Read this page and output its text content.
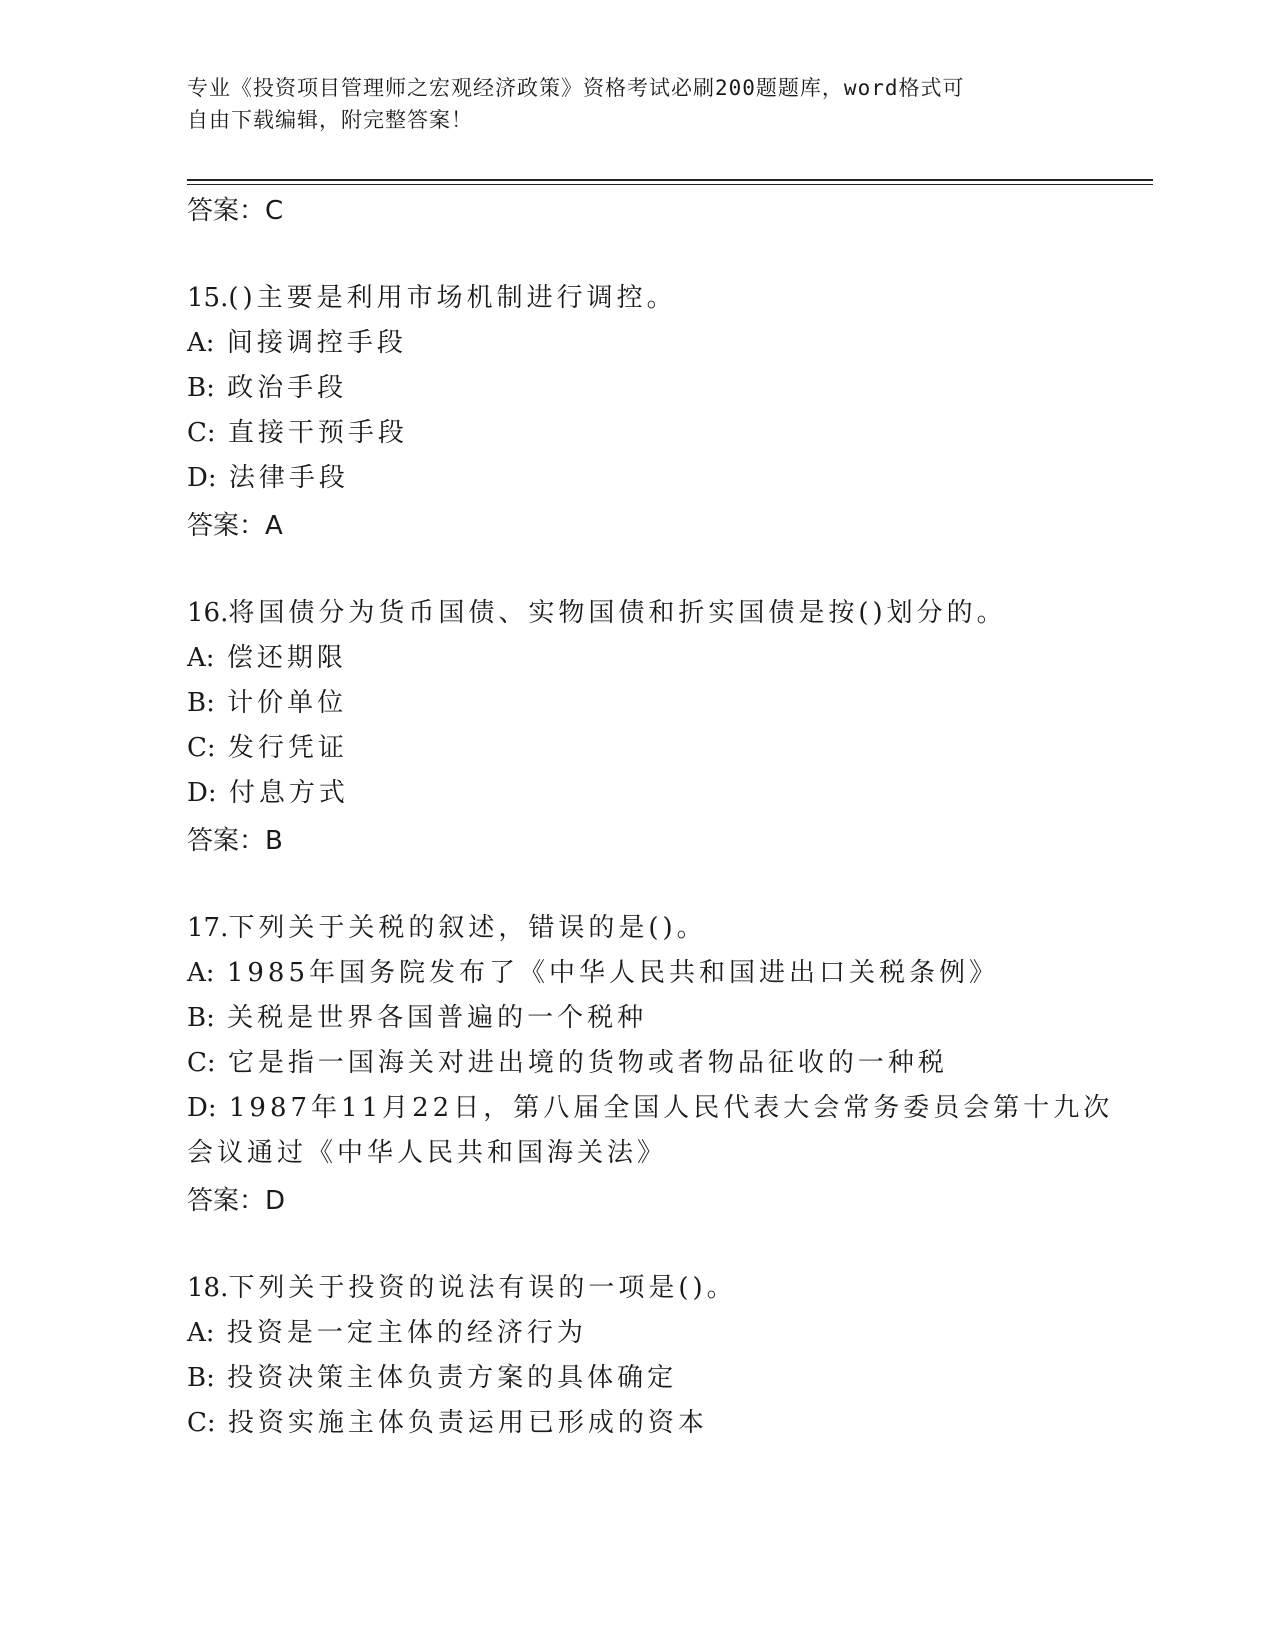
专业《投资项目管理师之宏观经济政策》资格考试必刷200题题库，word格式可
自由下载编辑，附完整答案！
答案：C
15.()主要是利用市场机制进行调控。
A: 间接调控手段
B: 政治手段
C: 直接干预手段
D: 法律手段
答案：A
16.将国债分为货币国债、实物国债和折实国债是按()划分的。
A: 偿还期限
B: 计价单位
C: 发行凭证
D: 付息方式
答案：B
17.下列关于关税的叙述，错误的是()。
A: 1985年国务院发布了《中华人民共和国进出口关税条例》
B: 关税是世界各国普遍的一个税种
C: 它是指一国海关对进出境的货物或者物品征收的一种税
D: 1987年11月22日，第八届全国人民代表大会常务委员会第十九次
会议通过《中华人民共和国海关法》
答案：D
18.下列关于投资的说法有误的一项是()。
A: 投资是一定主体的经济行为
B: 投资决策主体负责方案的具体确定
C: 投资实施主体负责运用已形成的资本
